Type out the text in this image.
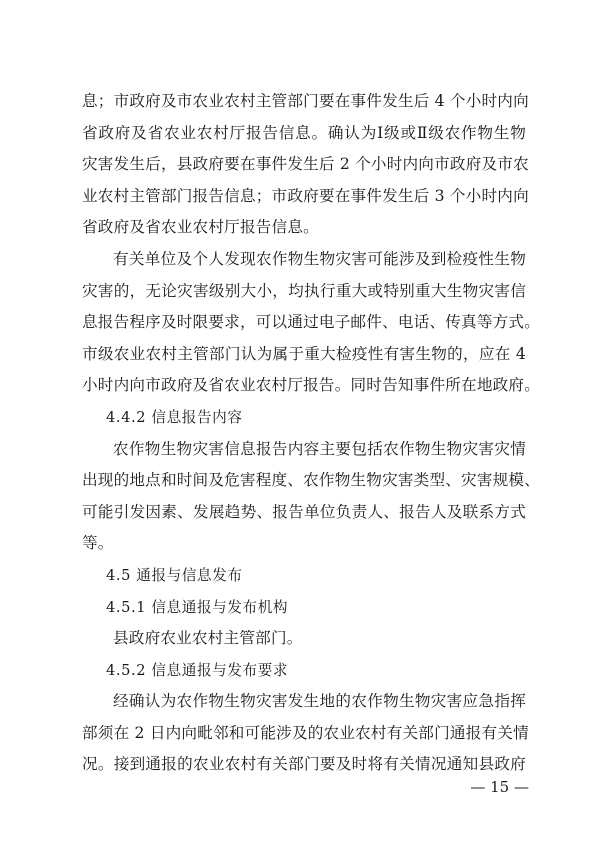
息；市政府及市农业农村主管部门要在事件发生后 4 个小时内向
省政府及省农业农村厅报告信息。确认为Ⅰ级或Ⅱ级农作物生物
灾害发生后，县政府要在事件发生后 2 个小时内向市政府及市农
业农村主管部门报告信息；市政府要在事件发生后 3 个小时内向
省政府及省农业农村厅报告信息。
有关单位及个人发现农作物生物灾害可能涉及到检疫性生物
灾害的，无论灾害级别大小，均执行重大或特别重大生物灾害信
息报告程序及时限要求，可以通过电子邮件、电话、传真等方式。
市级农业农村主管部门认为属于重大检疫性有害生物的，应在 4
小时内向市政府及省农业农村厅报告。同时告知事件所在地政府。
4.4.2 信息报告内容
农作物生物灾害信息报告内容主要包括农作物生物灾害灾情
出现的地点和时间及危害程度、农作物生物灾害类型、灾害规模、
可能引发因素、发展趋势、报告单位负责人、报告人及联系方式
等。
4.5 通报与信息发布
4.5.1 信息通报与发布机构
县政府农业农村主管部门。
4.5.2 信息通报与发布要求
经确认为农作物生物灾害发生地的农作物生物灾害应急指挥
部须在 2 日内向毗邻和可能涉及的农业农村有关部门通报有关情
况。接到通报的农业农村有关部门要及时将有关情况通知县政府
— 15 —
